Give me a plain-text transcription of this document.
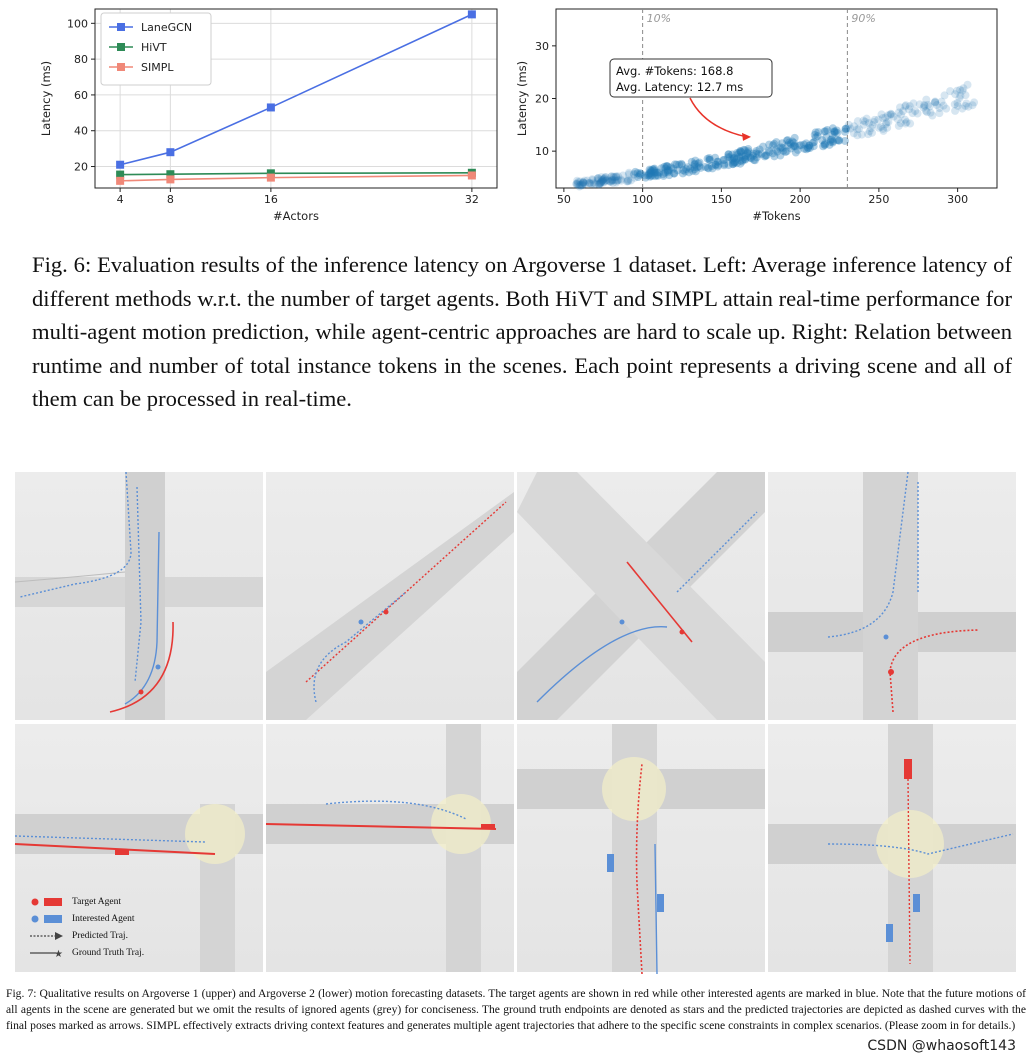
4	8	16	32
20
40
60
80
100
#Actors
Latency (ms)
LaneGCN
HiVT
SIMPL
10%	90%
Avg. #Tokens: 168.8
Avg. Latency: 12.7 ms
50	100	150	200	250	300
10
20
30
#Tokens
Latency (ms)
Fig. 6: Evaluation results of the inference latency on Argoverse 1 dataset. Left: Average inference latency of different methods w.r.t. the number of target agents. Both HiVT and SIMPL attain real-time performance for multi-agent motion prediction, while agent-centric approaches are hard to scale up. Right: Relation between runtime and number of total instance tokens in the scenes. Each point represents a driving scene and all of them can be processed in real-time.
Target Agent
Interested Agent
Predicted Traj.
★ Ground Truth Traj.
Fig. 7: Qualitative results on Argoverse 1 (upper) and Argoverse 2 (lower) motion forecasting datasets. The target agents are shown in red while other interested agents are marked in blue. Note that the future motions of all agents in the scene are generated but we omit the results of ignored agents (grey) for conciseness. The ground truth endpoints are denoted as stars and the predicted trajectories are depicted as dashed curves with the final poses marked as arrows. SIMPL effectively extracts driving context features and generates multiple agent trajectories that adhere to the specific scene constraints in complex scenarios. (Please zoom in for details.)
CSDN @whaosoft143
